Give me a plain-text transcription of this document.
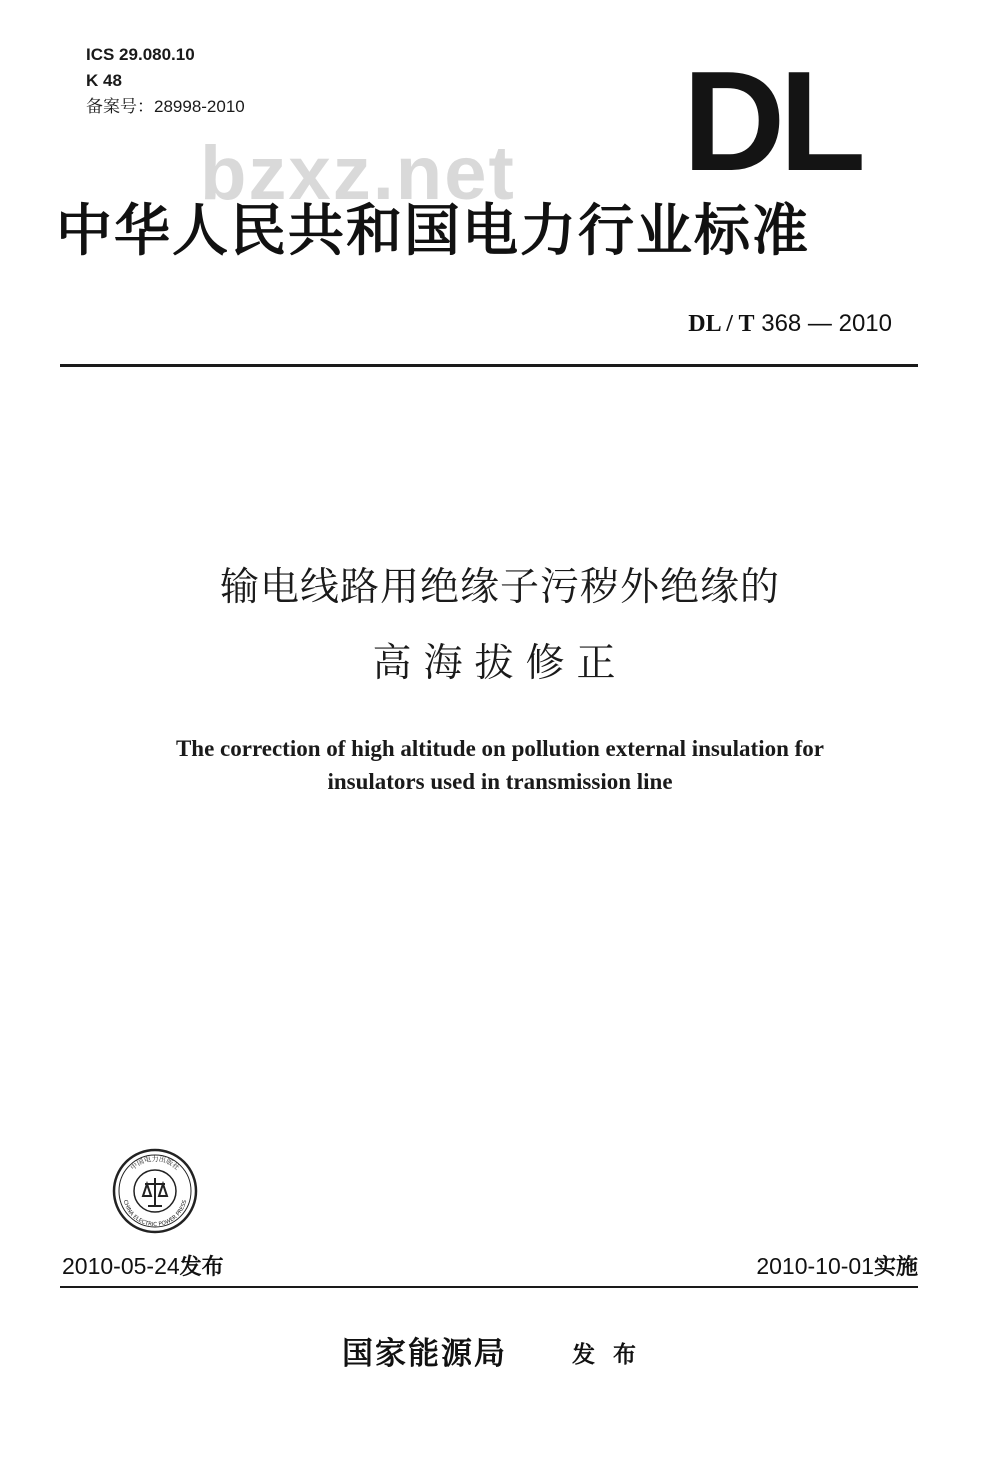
ICS 29.080.10
K 48
备案号：28998-2010	DL
bzxz.net
中华人民共和国电力行业标准
DL / T 368 — 2010
输电线路用绝缘子污秽外绝缘的
高海拔修正
The correction of high altitude on pollution external insulation for
insulators used in transmission line
中国电力出版社
CHINA ELECTRIC POWER PRESS
2010-05-24发布	2010-10-01实施
国家能源局	发布
